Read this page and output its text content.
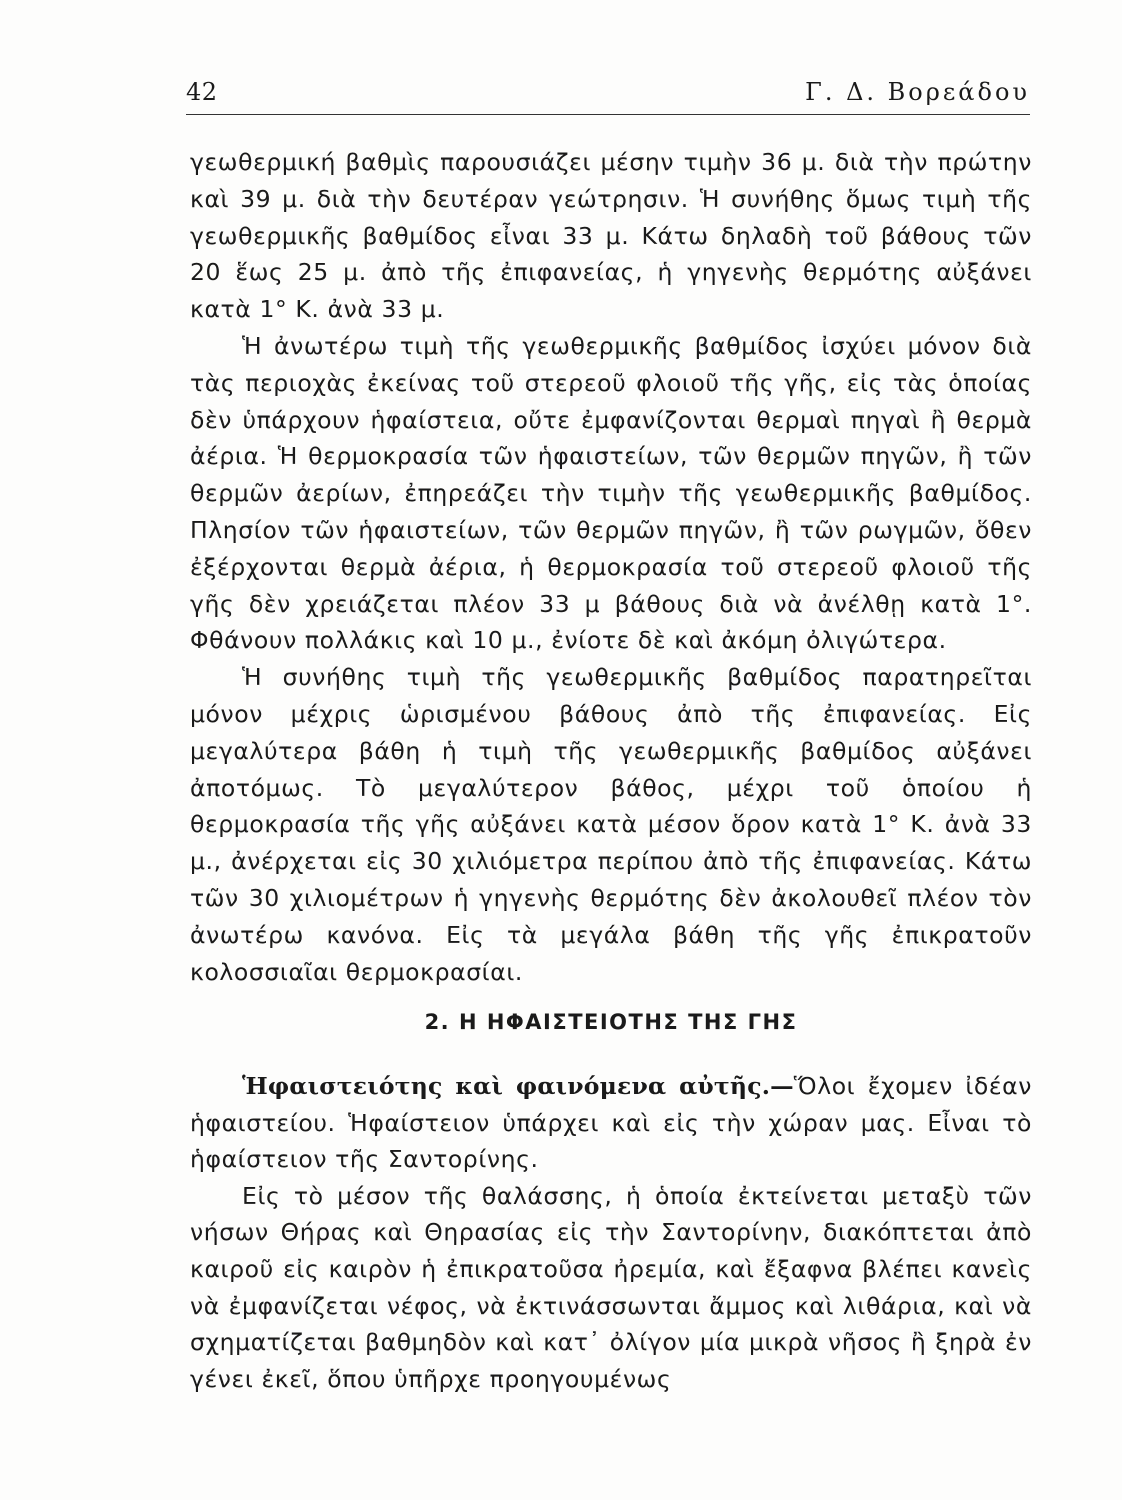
42	Γ. Δ. Βορεάδου

γεωθερμική βαθμὶς παρουσιάζει μέσην τιμὴν 36 μ. διὰ τὴν πρώτην καὶ 39 μ. διὰ τὴν δευτέραν γεώτρησιν. Ἡ συνήθης ὅμως τιμὴ τῆς γεωθερμικῆς βαθμίδος εἶναι 33 μ. Κάτω δηλαδὴ τοῦ βάθους τῶν 20 ἕως 25 μ. ἀπὸ τῆς ἐπιφανείας, ἡ γηγενὴς θερμότης αὐξάνει κατὰ 1° Κ. ἀνὰ 33 μ.

Ἡ ἀνωτέρω τιμὴ τῆς γεωθερμικῆς βαθμίδος ἰσχύει μόνον διὰ τὰς περιοχὰς ἐκείνας τοῦ στερεοῦ φλοιοῦ τῆς γῆς, εἰς τὰς ὁποίας δὲν ὑπάρχουν ἡφαίστεια, οὔτε ἐμφανίζονται θερμαὶ πηγαὶ ἢ θερμὰ ἀέρια. Ἡ θερμοκρασία τῶν ἡφαιστείων, τῶν θερμῶν πηγῶν, ἢ τῶν θερμῶν ἀερίων, ἐπηρεάζει τὴν τιμὴν τῆς γεωθερμικῆς βαθμίδος. Πλησίον τῶν ἡφαιστείων, τῶν θερμῶν πηγῶν, ἢ τῶν ρωγμῶν, ὅθεν ἐξέρχονται θερμὰ ἀέρια, ἡ θερμοκρασία τοῦ στερεοῦ φλοιοῦ τῆς γῆς δὲν χρειάζεται πλέον 33 μ βάθους διὰ νὰ ἀνέλθῃ κατὰ 1°. Φθάνουν πολλάκις καὶ 10 μ., ἐνίοτε δὲ καὶ ἀκόμη ὀλιγώτερα.

Ἡ συνήθης τιμὴ τῆς γεωθερμικῆς βαθμίδος παρατηρεῖται μόνον μέχρις ὡρισμένου βάθους ἀπὸ τῆς ἐπιφανείας. Εἰς μεγαλύτερα βάθη ἡ τιμὴ τῆς γεωθερμικῆς βαθμίδος αὐξάνει ἀποτόμως. Τὸ μεγαλύτερον βάθος, μέχρι τοῦ ὁποίου ἡ θερμοκρασία τῆς γῆς αὐξάνει κατὰ μέσον ὅρον κατὰ 1° Κ. ἀνὰ 33 μ., ἀνέρχεται εἰς 30 χιλιόμετρα περίπου ἀπὸ τῆς ἐπιφανείας. Κάτω τῶν 30 χιλιομέτρων ἡ γηγενὴς θερμότης δὲν ἀκολουθεῖ πλέον τὸν ἀνωτέρω κανόνα. Εἰς τὰ μεγάλα βάθη τῆς γῆς ἐπικρατοῦν κολοσσιαῖαι θερμοκρασίαι.

2. Η ΗΦΑΙΣΤΕΙΟΤΗΣ ΤΗΣ ΓΗΣ

Ἡφαιστειότης καὶ φαινόμενα αὐτῆς.—Ὅλοι ἔχομεν ἰδέαν ἡφαιστείου. Ἡφαίστειον ὑπάρχει καὶ εἰς τὴν χώραν μας. Εἶναι τὸ ἡφαίστειον τῆς Σαντορίνης.

Εἰς τὸ μέσον τῆς θαλάσσης, ἡ ὁποία ἐκτείνεται μεταξὺ τῶν νήσων Θήρας καὶ Θηρασίας εἰς τὴν Σαντορίνην, διακόπτεται ἀπὸ καιροῦ εἰς καιρὸν ἡ ἐπικρατοῦσα ἠρεμία, καὶ ἔξαφνα βλέπει κανεὶς νὰ ἐμφανίζεται νέφος, νὰ ἐκτινάσσωνται ἄμμος καὶ λιθάρια, καὶ νὰ σχηματίζεται βαθμηδὸν καὶ κατ᾿ ὀλίγον μία μικρὰ νῆσος ἢ ξηρὰ ἐν γένει ἐκεῖ, ὅπου ὑπῆρχε προηγουμένως
